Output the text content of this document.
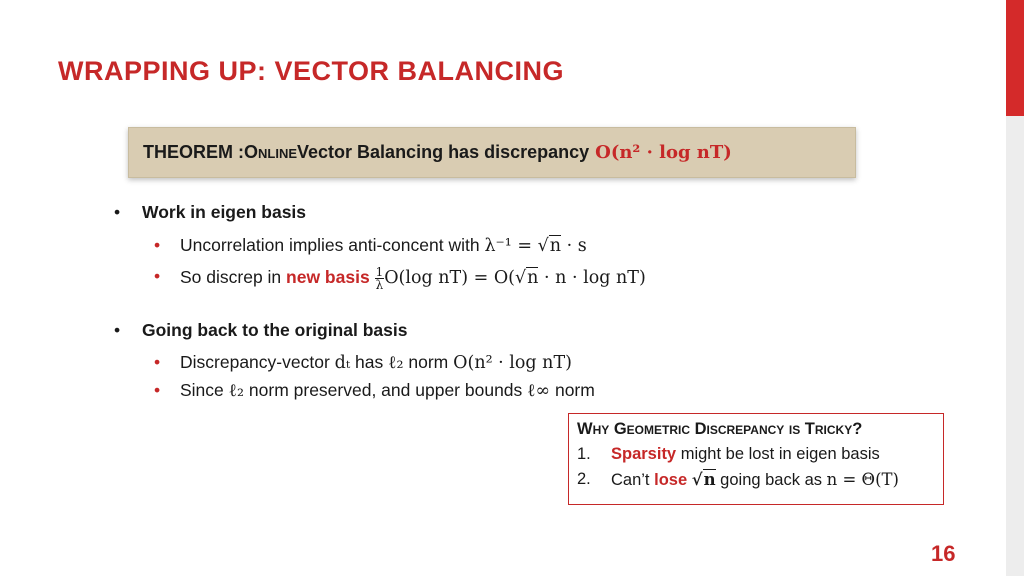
WRAPPING UP: VECTOR BALANCING
THEOREM : Online Vector Balancing has discrepancy O(n² · log nT)
• Work in eigen basis
• Uncorrelation implies anti-concent with λ⁻¹ = √n · s
• So discrep in new basis $\frac{1}{\lambda} O(\log$ nT) = O(√n · n · log nT)
• Going back to the original basis
• Discrepancy-vector dₜ has ℓ₂ norm O(n² · log nT)
• Since ℓ₂ norm preserved, and upper bounds ℓ∞ norm
Why Geometric Discrepancy is Tricky?
1. Sparsity might be lost in eigen basis
2. Can’t lose √n going back as n = Θ(T)
16
